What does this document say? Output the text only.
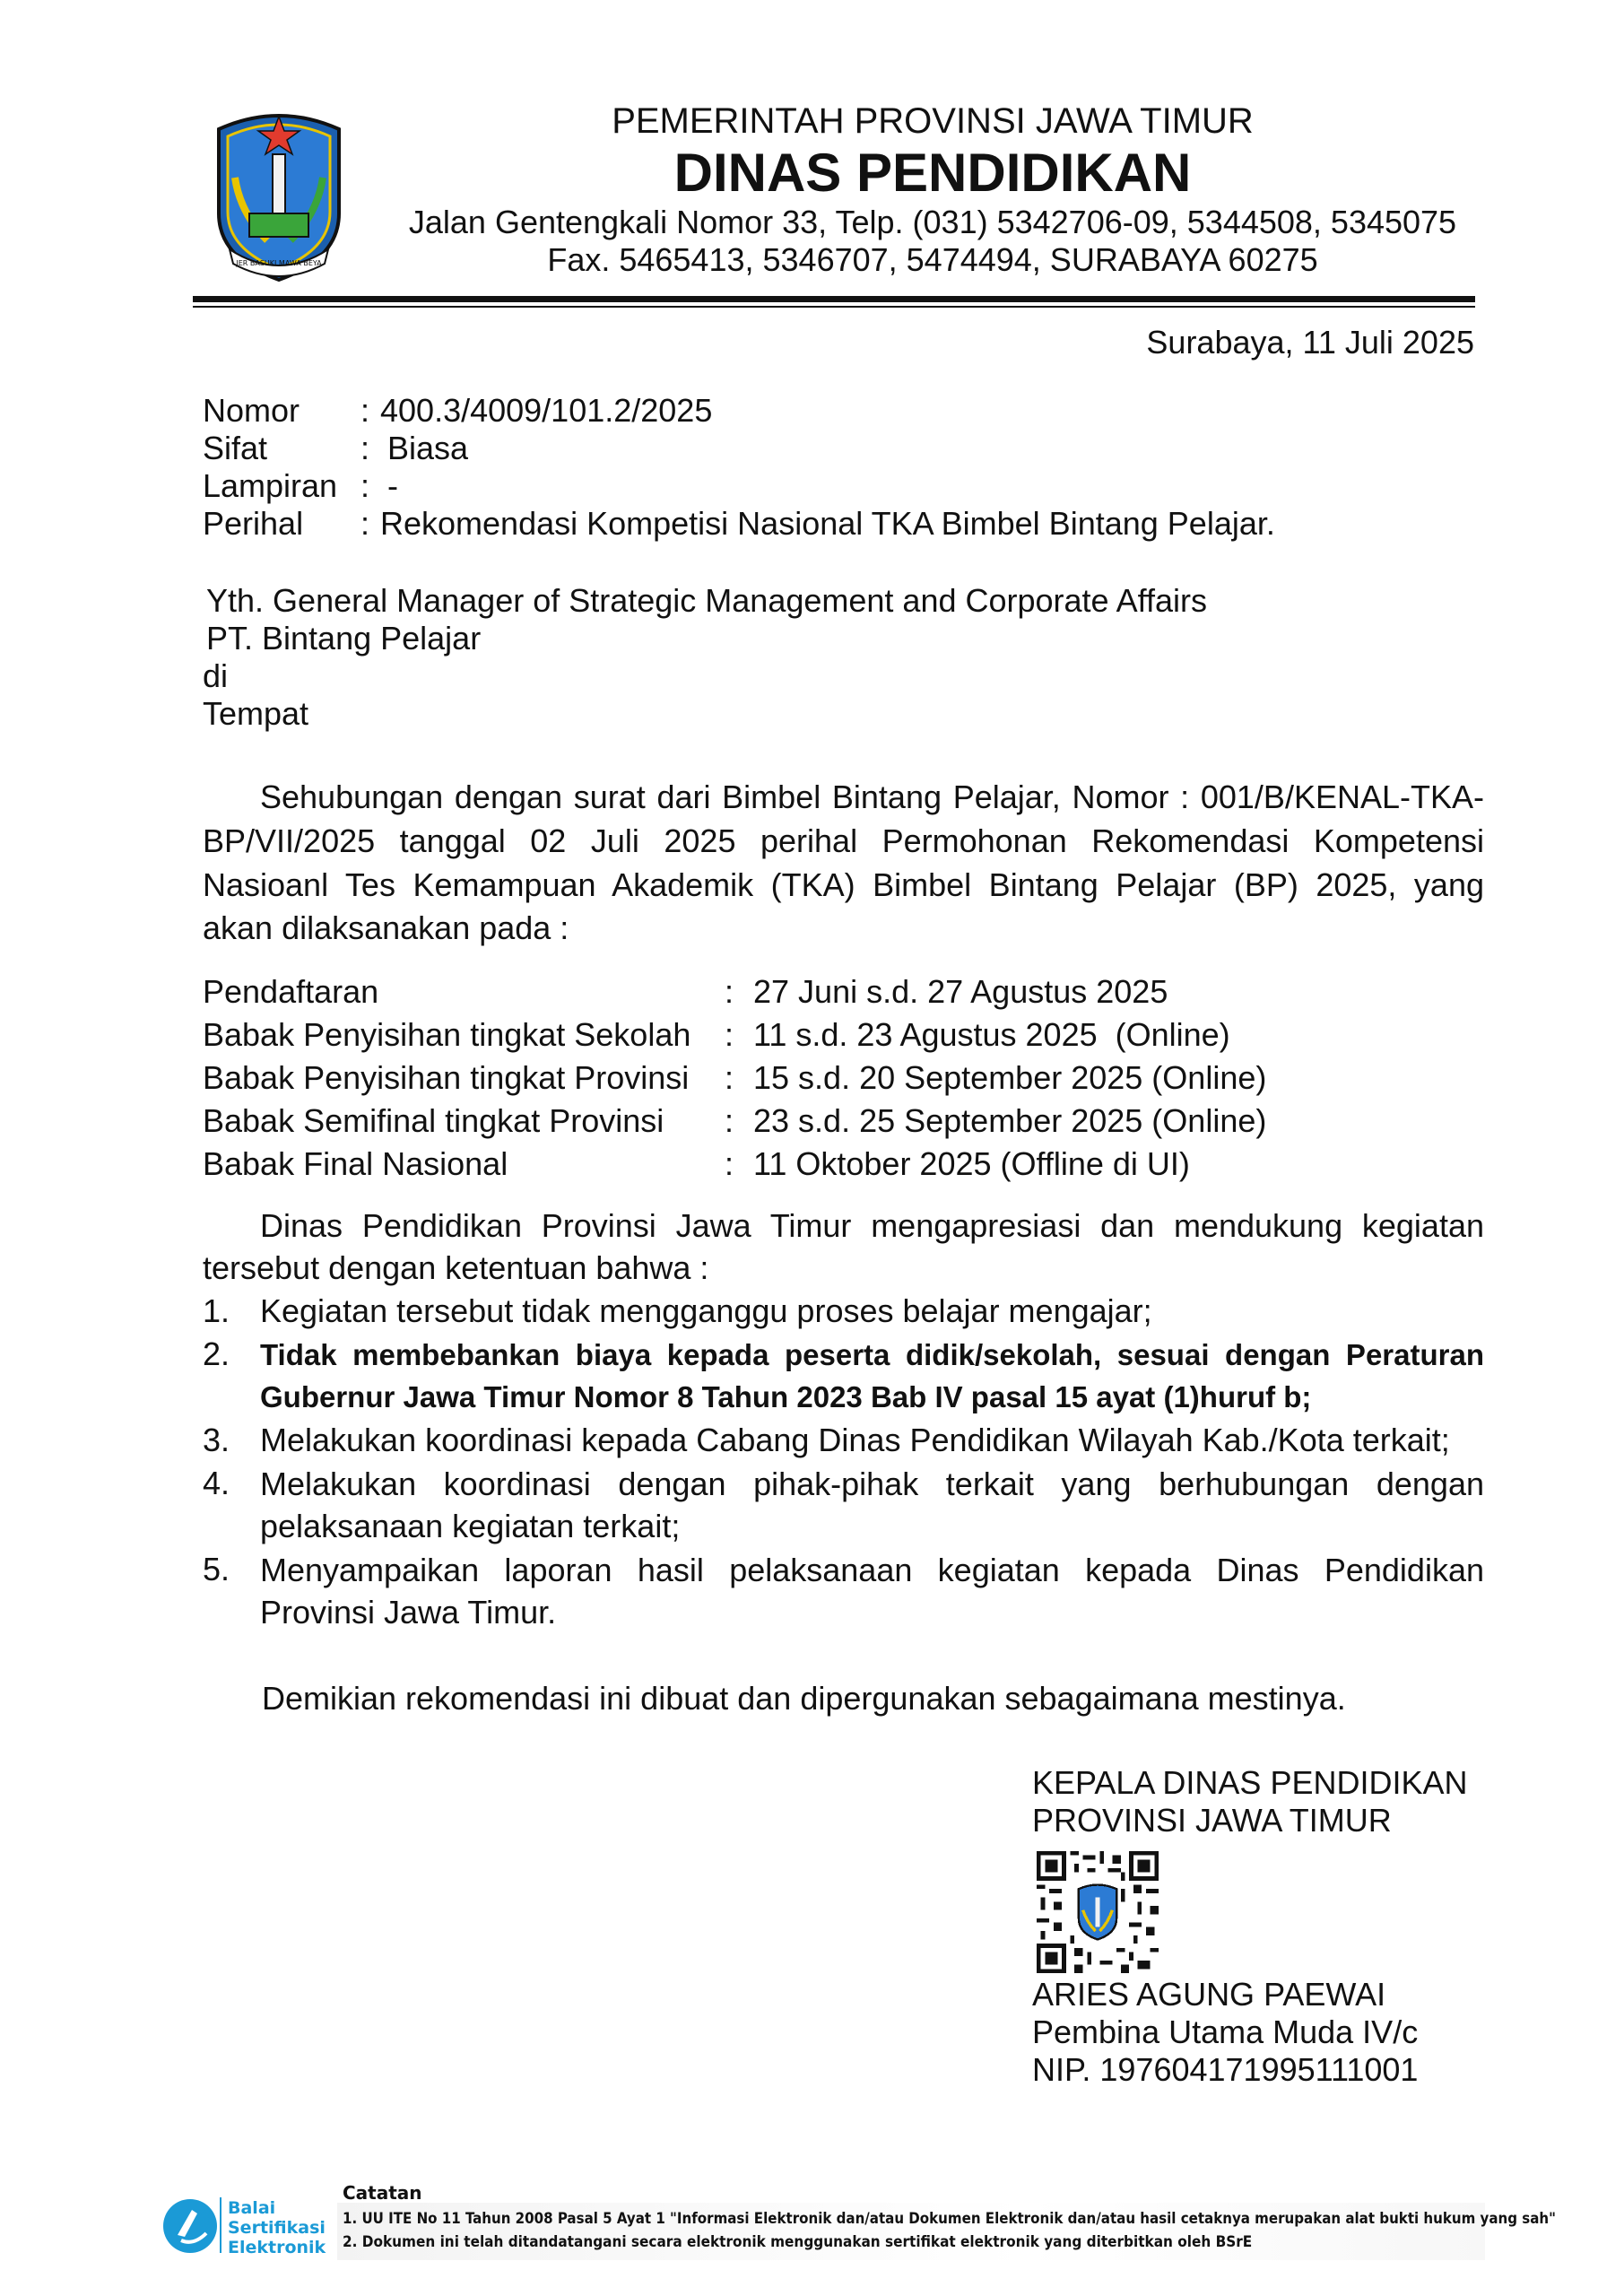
JER BASUKI MAWA BEYA
PEMERINTAH PROVINSI JAWA TIMUR
DINAS PENDIDIKAN
Jalan Gentengkali Nomor 33, Telp. (031) 5342706-09, 5344508, 5345075
Fax. 5465413, 5346707, 5474494, SURABAYA 60275
Surabaya, 11 Juli 2025
Nomor : 400.3/4009/101.2/2025
Sifat	: Biasa
Lampiran : -
Perihal : Rekomendasi Kompetisi Nasional TKA Bimbel Bintang Pelajar.
Yth. General Manager of Strategic Management and Corporate Affairs
PT. Bintang Pelajar
di
Tempat
Sehubungan dengan surat dari Bimbel Bintang Pelajar, Nomor : 001/B/KENAL-TKA-
BP/VII/2025 tanggal 02 Juli 2025 perihal Permohonan Rekomendasi Kompetensi
Nasioanl Tes Kemampuan Akademik (TKA) Bimbel Bintang Pelajar (BP) 2025, yang
akan dilaksanakan pada :
Pendaftaran	: 27 Juni s.d. 27 Agustus 2025
Babak Penyisihan tingkat Sekolah : 11 s.d. 23 Agustus 2025  (Online)
Babak Penyisihan tingkat Provinsi : 15 s.d. 20 September 2025 (Online)
Babak Semifinal tingkat Provinsi : 23 s.d. 25 September 2025 (Online)
Babak Final Nasional	: 11 Oktober 2025 (Offline di UI)
Dinas Pendidikan Provinsi Jawa Timur mengapresiasi dan mendukung kegiatan
tersebut dengan ketentuan bahwa :
1. Kegiatan tersebut tidak mengganggu proses belajar mengajar;
2. Tidak membebankan biaya kepada peserta didik/sekolah, sesuai dengan Peraturan
Gubernur Jawa Timur Nomor 8 Tahun 2023 Bab IV pasal 15 ayat (1)huruf b;
3. Melakukan koordinasi kepada Cabang Dinas Pendidikan Wilayah Kab./Kota terkait;
4. Melakukan koordinasi dengan pihak-pihak terkait yang berhubungan dengan
pelaksanaan kegiatan terkait;
5. Menyampaikan laporan hasil pelaksanaan kegiatan kepada Dinas Pendidikan
Provinsi Jawa Timur.
Demikian rekomendasi ini dibuat dan dipergunakan sebagaimana mestinya.
KEPALA DINAS PENDIDIKAN
PROVINSI JAWA TIMUR
ARIES AGUNG PAEWAI
Pembina Utama Muda IV/c
NIP. 197604171995111001
Balai
Sertifikasi
Elektronik
Catatan
1. UU ITE No 11 Tahun 2008 Pasal 5 Ayat 1 "Informasi Elektronik dan/atau Dokumen Elektronik dan/atau hasil cetaknya merupakan alat bukti hukum yang sah"
2. Dokumen ini telah ditandatangani secara elektronik menggunakan sertifikat elektronik yang diterbitkan oleh BSrE
